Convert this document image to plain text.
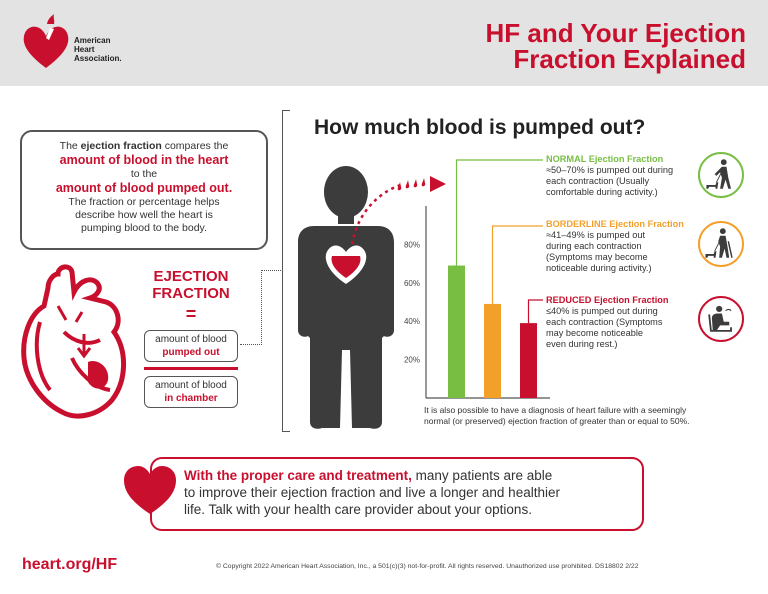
American
Heart
Association.
HF and Your Ejection
Fraction Explained
The ejection fraction compares the
amount of blood in the heart
to the
amount of blood pumped out.
The fraction or percentage helps
describe how well the heart is
pumping blood to the body.
EJECTION
FRACTION
=
amount of blood
pumped out
amount of blood
in chamber
How much blood is pumped out?
20%
40%
60%
80%
NORMAL Ejection Fraction
≈50–70% is pumped out during
each contraction (Usually
comfortable during activity.)
BORDERLINE Ejection Fraction
≈41–49% is pumped out
during each contraction
(Symptoms may become
noticeable during activity.)
REDUCED Ejection Fraction
≤40% is pumped out during
each contraction (Symptoms
may become noticeable
even during rest.)
It is also possible to have a diagnosis of heart failure with a seemingly
normal (or preserved) ejection fraction of greater than or equal to 50%.
With the proper care and treatment, many patients are able
to improve their ejection fraction and live a longer and healthier
life. Talk with your health care provider about your options.
heart.org/HF	© Copyright 2022 American Heart Association, Inc., a 501(c)(3) not-for-profit. All rights reserved. Unauthorized use prohibited. DS18802 2/22
